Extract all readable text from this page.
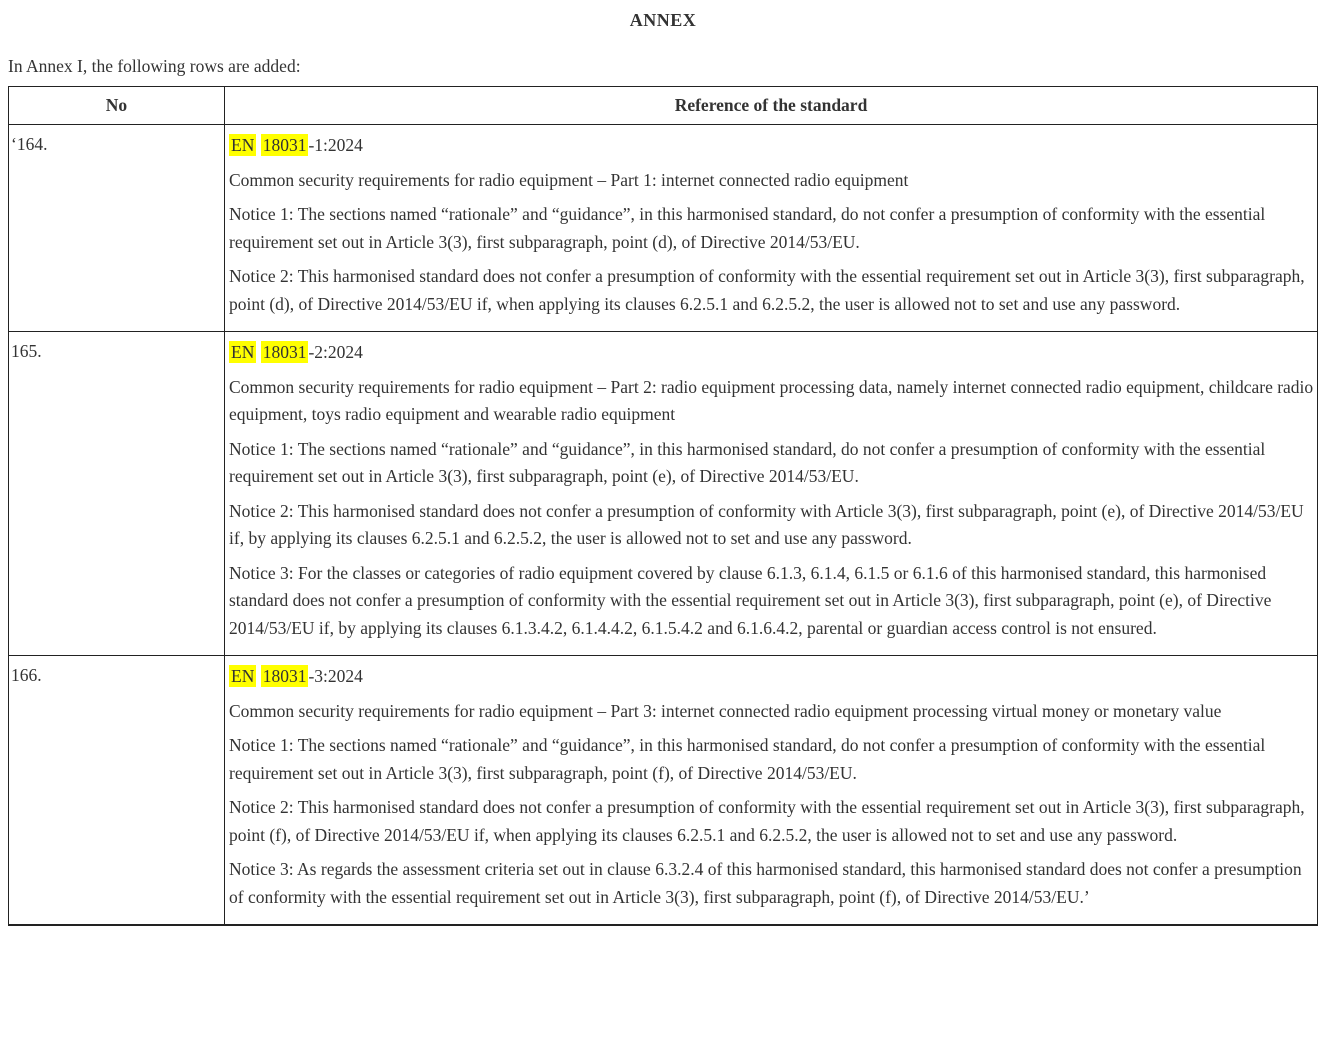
ANNEX

In Annex I, the following rows are added:

No	Reference of the standard
‘164.	EN 18031 -1:2024

Common security requirements for radio equipment – Part 1: internet connected radio equipment

Notice 1: The sections named “rationale” and “guidance”, in this harmonised standard, do not confer a presumption of conformity with the essential requirement set out in Article 3(3), first subparagraph, point (d), of Directive 2014/53/EU.

Notice 2: This harmonised standard does not confer a presumption of conformity with the essential requirement set out in Article 3(3), first subparagraph, point (d), of Directive 2014/53/EU if, when applying its clauses 6.2.5.1 and 6.2.5.2, the user is allowed not to set and use any password.

165.	EN 18031 -2:2024

Common security requirements for radio equipment – Part 2: radio equipment processing data, namely internet connected radio equipment, childcare radio equipment, toys radio equipment and wearable radio equipment

Notice 1: The sections named “rationale” and “guidance”, in this harmonised standard, do not confer a presumption of conformity with the essential requirement set out in Article 3(3), first subparagraph, point (e), of Directive 2014/53/EU.

Notice 2: This harmonised standard does not confer a presumption of conformity with Article 3(3), first subparagraph, point (e), of Directive 2014/53/EU if, by applying its clauses 6.2.5.1 and 6.2.5.2, the user is allowed not to set and use any password.

Notice 3: For the classes or categories of radio equipment covered by clause 6.1.3, 6.1.4, 6.1.5 or 6.1.6 of this harmonised standard, this harmonised standard does not confer a presumption of conformity with the essential requirement set out in Article 3(3), first subparagraph, point (e), of Directive 2014/53/EU if, by applying its clauses 6.1.3.4.2, 6.1.4.4.2, 6.1.5.4.2 and 6.1.6.4.2, parental or guardian access control is not ensured.

166.	EN 18031 -3:2024

Common security requirements for radio equipment – Part 3: internet connected radio equipment processing virtual money or monetary value

Notice 1: The sections named “rationale” and “guidance”, in this harmonised standard, do not confer a presumption of conformity with the essential requirement set out in Article 3(3), first subparagraph, point (f), of Directive 2014/53/EU.

Notice 2: This harmonised standard does not confer a presumption of conformity with the essential requirement set out in Article 3(3), first subparagraph, point (f), of Directive 2014/53/EU if, when applying its clauses 6.2.5.1 and 6.2.5.2, the user is allowed not to set and use any password.

Notice 3: As regards the assessment criteria set out in clause 6.3.2.4 of this harmonised standard, this harmonised standard does not confer a presumption of conformity with the essential requirement set out in Article 3(3), first subparagraph, point (f), of Directive 2014/53/EU.’
